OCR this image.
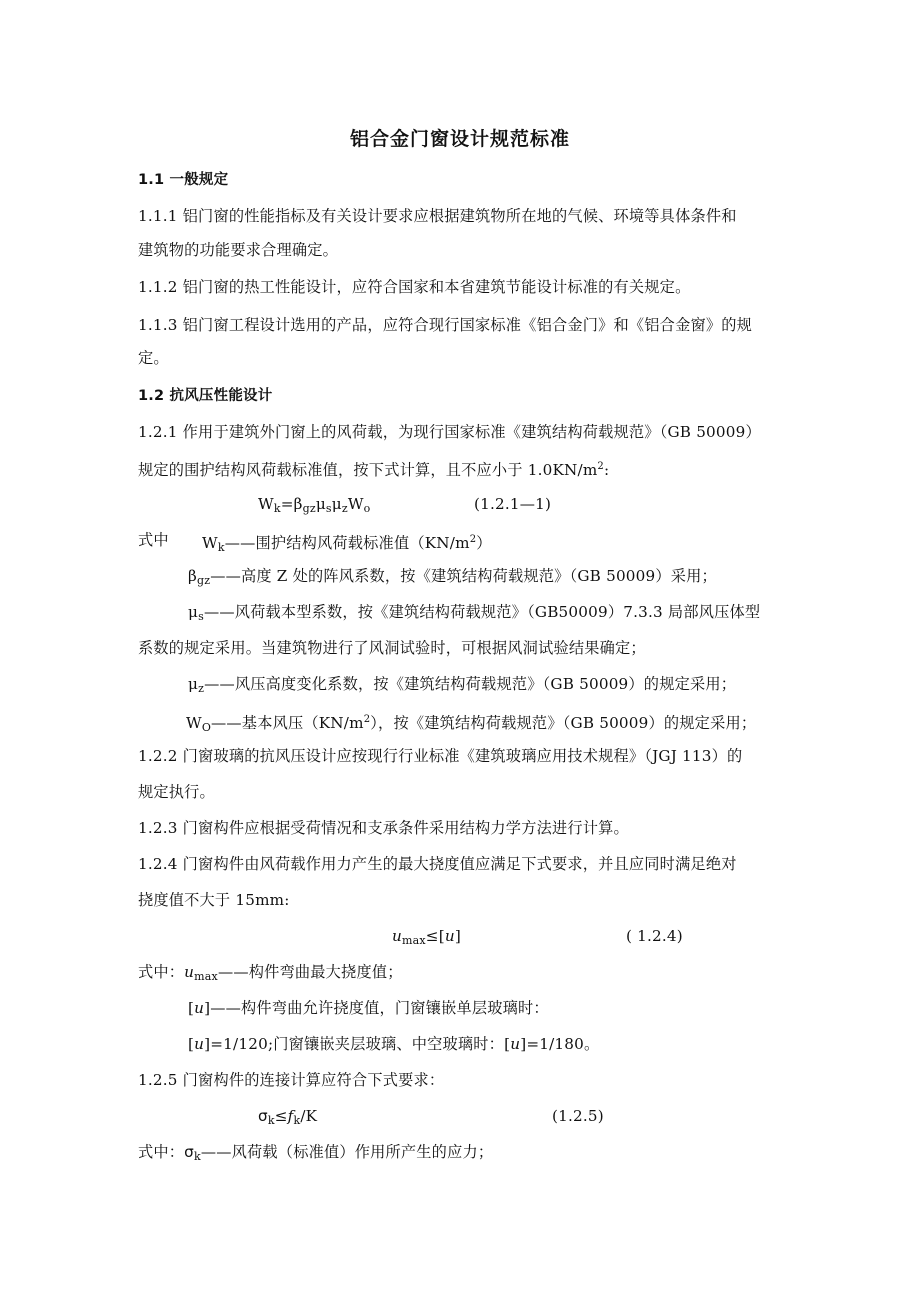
铝合金门窗设计规范标准
1.1 一般规定
1.1.1 铝门窗的性能指标及有关设计要求应根据建筑物所在地的气候、环境等具体条件和
建筑物的功能要求合理确定。
1.1.2 铝门窗的热工性能设计，应符合国家和本省建筑节能设计标准的有关规定。
1.1.3 铝门窗工程设计选用的产品，应符合现行国家标准《铝合金门》和《铝合金窗》的规
定。
1.2 抗风压性能设计
1.2.1 作用于建筑外门窗上的风荷载，为现行国家标准《建筑结构荷载规范》（GB 50009）
规定的围护结构风荷载标准值，按下式计算，且不应小于 $1.0KN/m^2$:
Wk=βgzμsμzWo	(1.2.1—1)
式中 Wk——围护结构风荷载标准值$(KN/m^2)$
βgz——高度 Z 处的阵风系数，按《建筑结构荷载规范》（GB 50009）采用；
μs——风荷载本型系数，按《建筑结构荷载规范》（GB50009）7.3.3 局部风压体型
系数的规定采用。当建筑物进行了风洞试验时，可根据风洞试验结果确定；
μz——风压高度变化系数，按《建筑结构荷载规范》（GB 50009）的规定采用；
WO——基本风压$(KN/m^2)$，按《建筑结构荷载规范》（GB 50009）的规定采用；
1.2.2 门窗玻璃的抗风压设计应按现行行业标准《建筑玻璃应用技术规程》（JGJ 113）的
规定执行。
1.2.3 门窗构件应根据受荷情况和支承条件采用结构力学方法进行计算。
1.2.4 门窗构件由风荷载作用力产生的最大挠度值应满足下式要求，并且应同时满足绝对
挠度值不大于 15mm:
umax≤[u]	( 1.2.4)
式中：umax——构件弯曲最大挠度值；
[u]——构件弯曲允许挠度值，门窗镶嵌单层玻璃时：
[u]=1/120;门窗镶嵌夹层玻璃、中空玻璃时：[u]=1/180。
1.2.5 门窗构件的连接计算应符合下式要求：
σk≤fk/K	(1.2.5)
式中：σk——风荷载（标准值）作用所产生的应力；
